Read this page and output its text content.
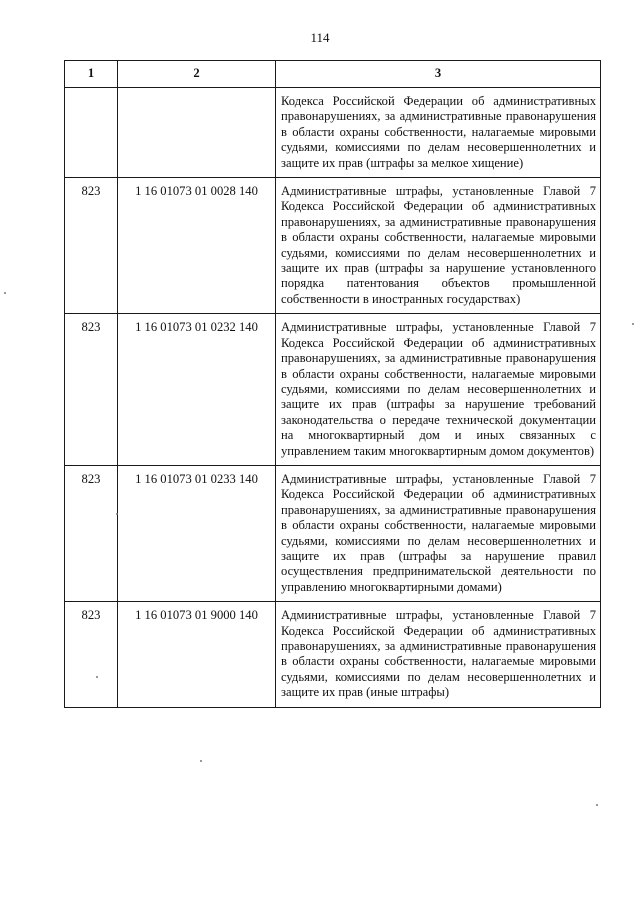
114
1	2	3
		Кодекса Российской Федерации об административных правонарушениях, за административные правонарушения в области охраны собственности, налагаемые мировыми судьями, комиссиями по делам несовершеннолетних и защите их прав (штрафы за мелкое хищение)
823	1 16 01073 01 0028 140	Административные штрафы, установленные Главой 7 Кодекса Российской Федерации об административных правонарушениях, за административные правонарушения в области охраны собственности, налагаемые мировыми судьями, комиссиями по делам несовершеннолетних и защите их прав (штрафы за нарушение установленного порядка патентования объектов промышленной собственности в иностранных государствах)
823	1 16 01073 01 0232 140	Административные штрафы, установленные Главой 7 Кодекса Российской Федерации об административных правонарушениях, за административные правонарушения в области охраны собственности, налагаемые мировыми судьями, комиссиями по делам несовершеннолетних и защите их прав (штрафы за нарушение требований законодательства о передаче технической документации на многоквартирный дом и иных связанных с управлением таким многоквартирным домом документов)
823	1 16 01073 01 0233 140	Административные штрафы, установленные Главой 7 Кодекса Российской Федерации об административных правонарушениях, за административные правонарушения в области охраны собственности, налагаемые мировыми судьями, комиссиями по делам несовершеннолетних и защите их прав (штрафы за нарушение правил осуществления предпринимательской деятельности по управлению многоквартирными домами)
823	1 16 01073 01 9000 140	Административные штрафы, установленные Главой 7 Кодекса Российской Федерации об административных правонарушениях, за административные правонарушения в области охраны собственности, налагаемые мировыми судьями, комиссиями по делам несовершеннолетних и защите их прав (иные штрафы)
